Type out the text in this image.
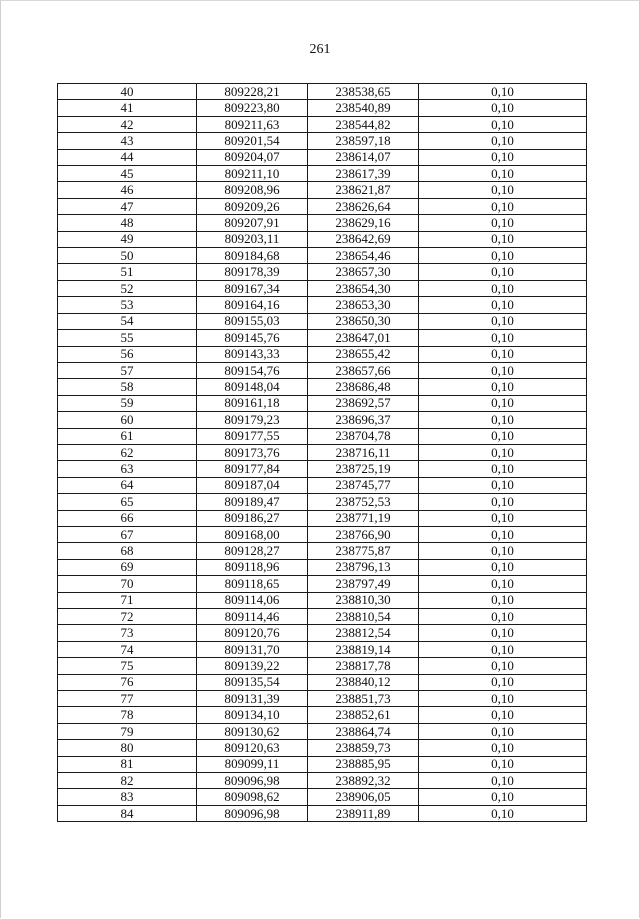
261
40	809228,21	238538,65	0,10
41	809223,80	238540,89	0,10
42	809211,63	238544,82	0,10
43	809201,54	238597,18	0,10
44	809204,07	238614,07	0,10
45	809211,10	238617,39	0,10
46	809208,96	238621,87	0,10
47	809209,26	238626,64	0,10
48	809207,91	238629,16	0,10
49	809203,11	238642,69	0,10
50	809184,68	238654,46	0,10
51	809178,39	238657,30	0,10
52	809167,34	238654,30	0,10
53	809164,16	238653,30	0,10
54	809155,03	238650,30	0,10
55	809145,76	238647,01	0,10
56	809143,33	238655,42	0,10
57	809154,76	238657,66	0,10
58	809148,04	238686,48	0,10
59	809161,18	238692,57	0,10
60	809179,23	238696,37	0,10
61	809177,55	238704,78	0,10
62	809173,76	238716,11	0,10
63	809177,84	238725,19	0,10
64	809187,04	238745,77	0,10
65	809189,47	238752,53	0,10
66	809186,27	238771,19	0,10
67	809168,00	238766,90	0,10
68	809128,27	238775,87	0,10
69	809118,96	238796,13	0,10
70	809118,65	238797,49	0,10
71	809114,06	238810,30	0,10
72	809114,46	238810,54	0,10
73	809120,76	238812,54	0,10
74	809131,70	238819,14	0,10
75	809139,22	238817,78	0,10
76	809135,54	238840,12	0,10
77	809131,39	238851,73	0,10
78	809134,10	238852,61	0,10
79	809130,62	238864,74	0,10
80	809120,63	238859,73	0,10
81	809099,11	238885,95	0,10
82	809096,98	238892,32	0,10
83	809098,62	238906,05	0,10
84	809096,98	238911,89	0,10
